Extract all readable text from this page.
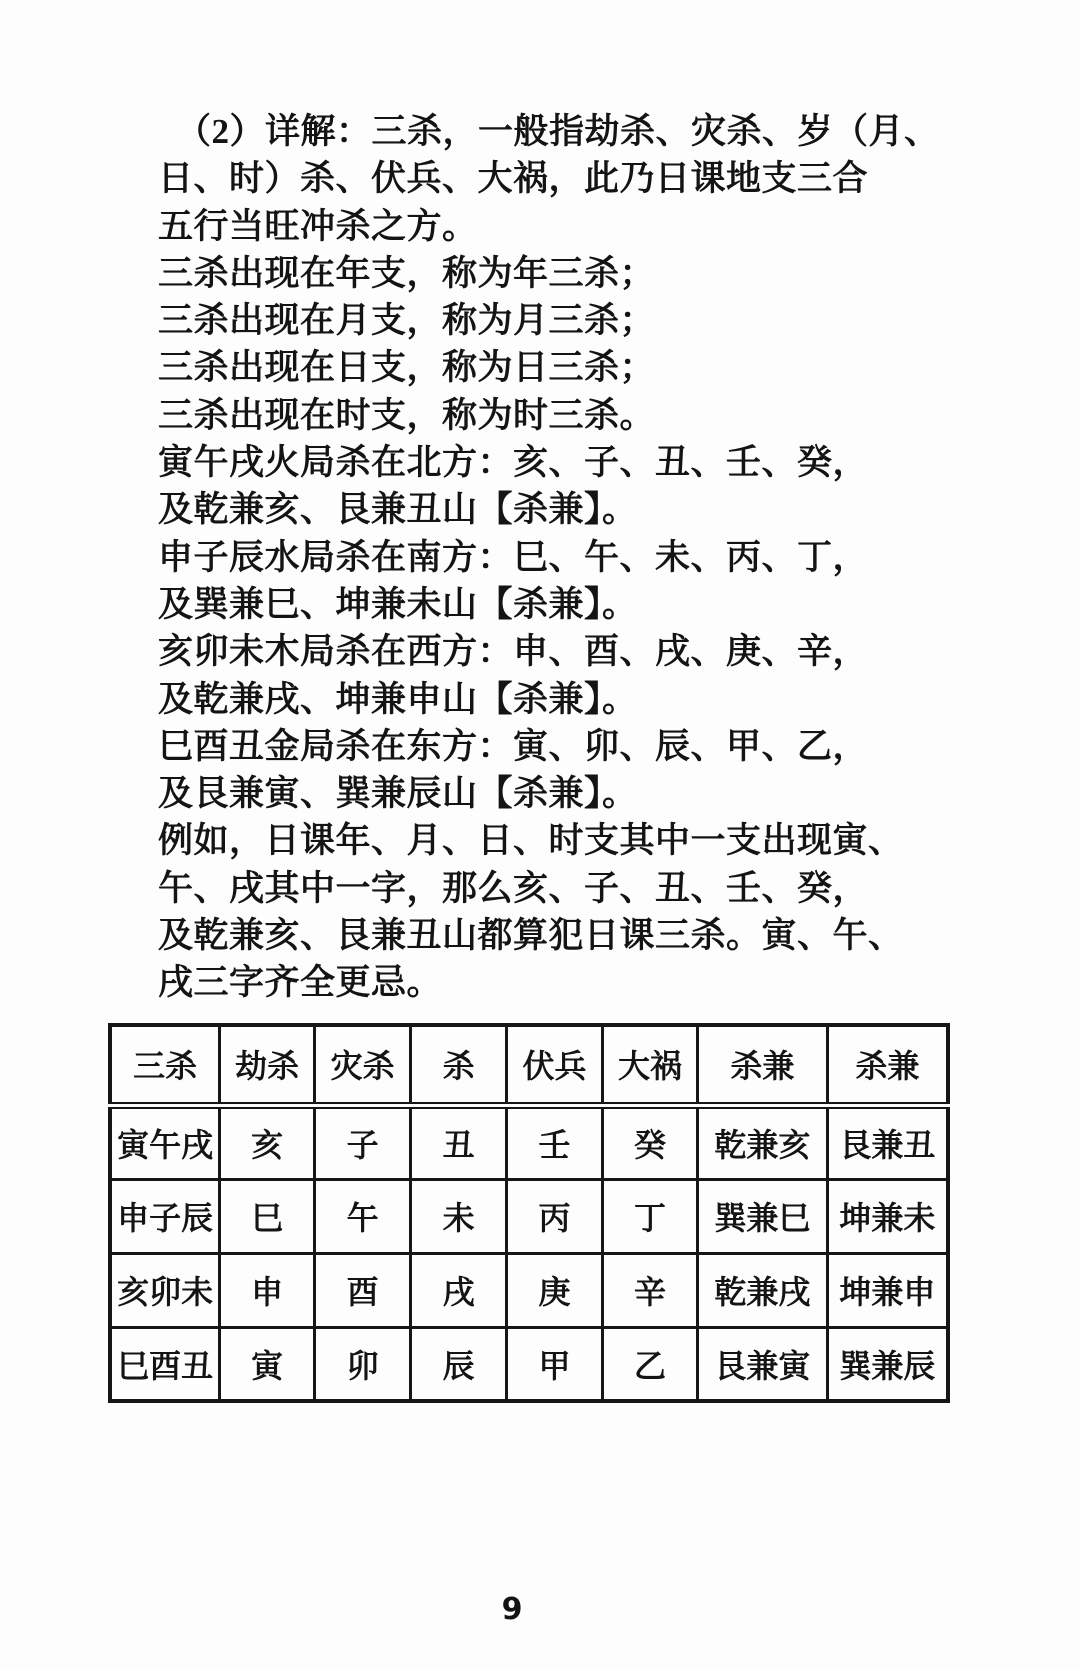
（2）详解：三杀，一般指劫杀、灾杀、岁（月、
日、时）杀、伏兵、大祸，此乃日课地支三合
五行当旺冲杀之方。
三杀出现在年支，称为年三杀；
三杀出现在月支，称为月三杀；
三杀出现在日支，称为日三杀；
三杀出现在时支，称为时三杀。
寅午戌火局杀在北方：亥、子、丑、壬、癸，
及乾兼亥、艮兼丑山【杀兼】。
申子辰水局杀在南方：巳、午、未、丙、丁，
及巽兼巳、坤兼未山【杀兼】。
亥卯未木局杀在西方：申、酉、戌、庚、辛，
及乾兼戌、坤兼申山【杀兼】。
巳酉丑金局杀在东方：寅、卯、辰、甲、乙，
及艮兼寅、巽兼辰山【杀兼】。
例如，日课年、月、日、时支其中一支出现寅、
午、戌其中一字，那么亥、子、丑、壬、癸，
及乾兼亥、艮兼丑山都算犯日课三杀。寅、午、
戌三字齐全更忌。
三杀	劫杀	灾杀	杀	伏兵	大祸	杀兼	杀兼
寅午戌	亥	子	丑	壬	癸	乾兼亥	艮兼丑
申子辰	巳	午	未	丙	丁	巽兼巳	坤兼未
亥卯未	申	酉	戌	庚	辛	乾兼戌	坤兼申
巳酉丑	寅	卯	辰	甲	乙	艮兼寅	巽兼辰
9
